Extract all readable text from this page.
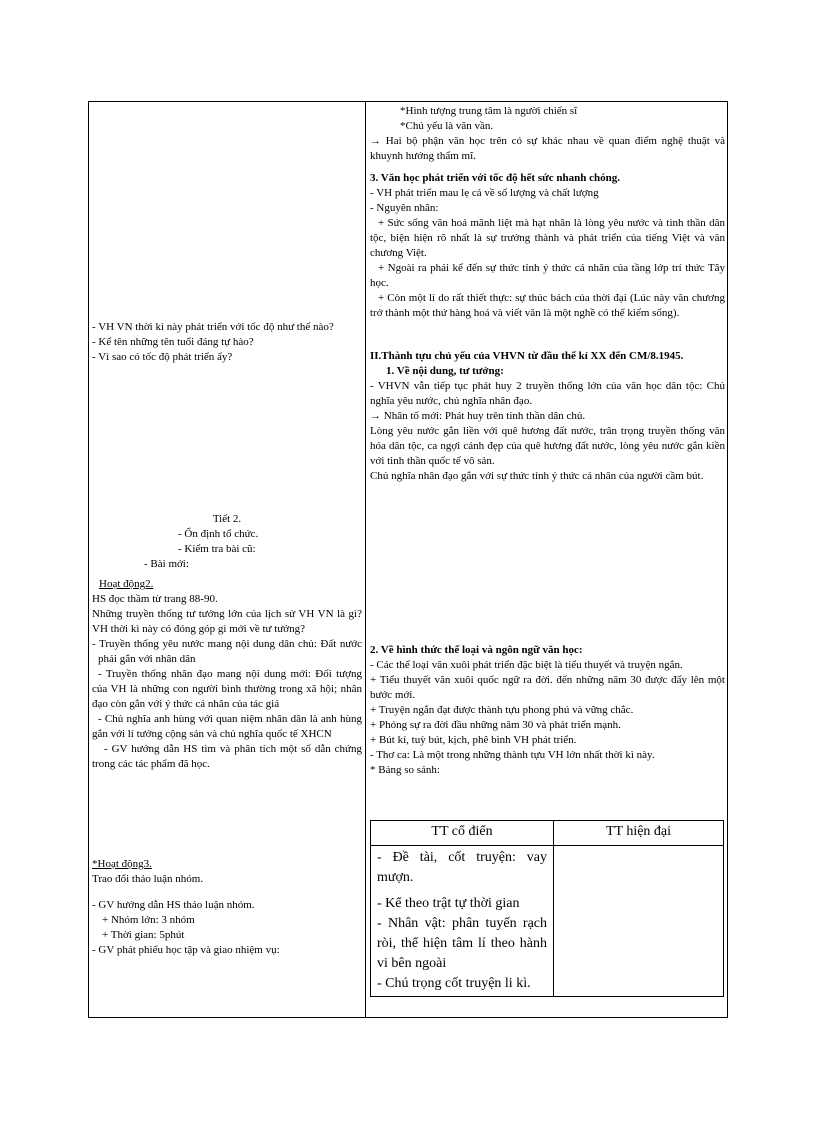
- VH VN thời kì này phát triển với tốc độ như thế nào?

- Kể tên những tên tuổi đáng tự hào?

- Vì sao có tốc độ phát triển ấy?

Tiết 2.

- Ổn định tổ chức.

- Kiểm tra bài cũ:

- Bài mới:

Hoạt động2.

HS đọc thầm từ trang 88-90.

Những truyền thống tư tưởng lớn của lịch sử VH VN là gì? VH thời kì này có đóng góp gì mới về tư tưởng?

- Truyền thống yêu nước mang nội dung dân chủ: Đất nước phải gắn với nhân dân

- Truyền thống nhân đạo mang nội dung mới: Đối tượng của VH là những con người bình thường trong xã hội; nhân đạo còn gắn với ý thức cá nhân của tác giả

- Chủ nghĩa anh hùng với quan niệm nhân dân là anh hùng gắn với lí tưởng cộng sản và chủ nghĩa quốc tế XHCN

- GV hướng dẫn HS tìm và phân tích một số dẫn chứng trong các tác phẩm đã học.

*Hoạt động3.

Trao đổi thảo luận nhóm.

- GV hướng dẫn HS thảo luận nhóm.

+ Nhóm lớn: 3 nhóm

+ Thời gian: 5phút

- GV phát phiếu học tập và giao nhiệm vụ:

*Hình tượng trung tâm là người chiến sĩ

*Chủ yếu là văn vần.

→ Hai bộ phận văn học trên có sự khác nhau về quan điểm nghệ thuật và khuynh hướng thẩm mĩ.

3. Văn học phát triển với tốc độ hết sức nhanh chóng.

- VH phát triển mau lẹ cả về số lượng và chất lượng

- Nguyên nhân:

+ Sức sống văn hoá mãnh liệt mà hạt nhân là lòng yêu nước và tinh thần dân tộc, biện hiện rõ nhất là sự trưởng thành và phát triển của tiếng Việt và văn chương Việt.

+ Ngoài ra phải kể đến sự thức tỉnh ý thức cá nhân của tầng lớp trí thức Tây học.

+ Còn một lí do rất thiết thực: sự thúc bách của thời đại (Lúc này văn chương trở thành một thứ hàng hoá và viết văn là một nghề có thể kiếm sống).

II.Thành tựu chủ yếu của VHVN từ đầu thế kỉ XX đến CM/8.1945.

1. Về nội dung, tư tưởng:

- VHVN vẫn tiếp tục phát huy 2 truyền thống lớn của văn học dân tộc: Chủ nghĩa yêu nước, chủ nghĩa nhân đạo.

→ Nhân tố mới: Phát huy trên tinh thần dân chủ.

Lòng yêu nước gắn liền với quê hương đất nước, trân trọng truyền thống văn hóa dân tộc, ca ngợi cảnh đẹp của quê hương đất nước, lòng yêu nước gắn kiền với tinh thần quốc tế vô sản.

Chủ nghĩa nhân đạo gắn với sự thức tỉnh ý thức cá nhân của người cầm bút.

2. Về hình thức thể loại và ngôn ngữ văn học:

- Các thể loại văn xuôi phát triển đặc biệt là tiểu thuyết và truyện ngắn.

+ Tiểu thuyết văn xuôi quốc ngữ ra đời. đến những năm 30 được đẩy lên một bước mới.

+ Truyện ngắn đạt được thành tựu phong phú và vững chắc.

+ Phóng sự ra đời đầu những năm 30 và phát triển mạnh.

+ Bút kí, tuỳ bút, kịch, phê bình VH phát triển.

- Thơ ca: Là một trong những thành tựu VH lớn nhất thời kì này.

* Bảng so sánh:

TT cổ điển	TT hiện đại

- Đề tài, cốt truyện: vay mượn.

- Kể theo trật tự thời gian

- Nhân vật: phân tuyến rạch ròi, thể hiện tâm lí theo hành vi bên ngoài

- Chú trọng cốt truyện li kì.	
